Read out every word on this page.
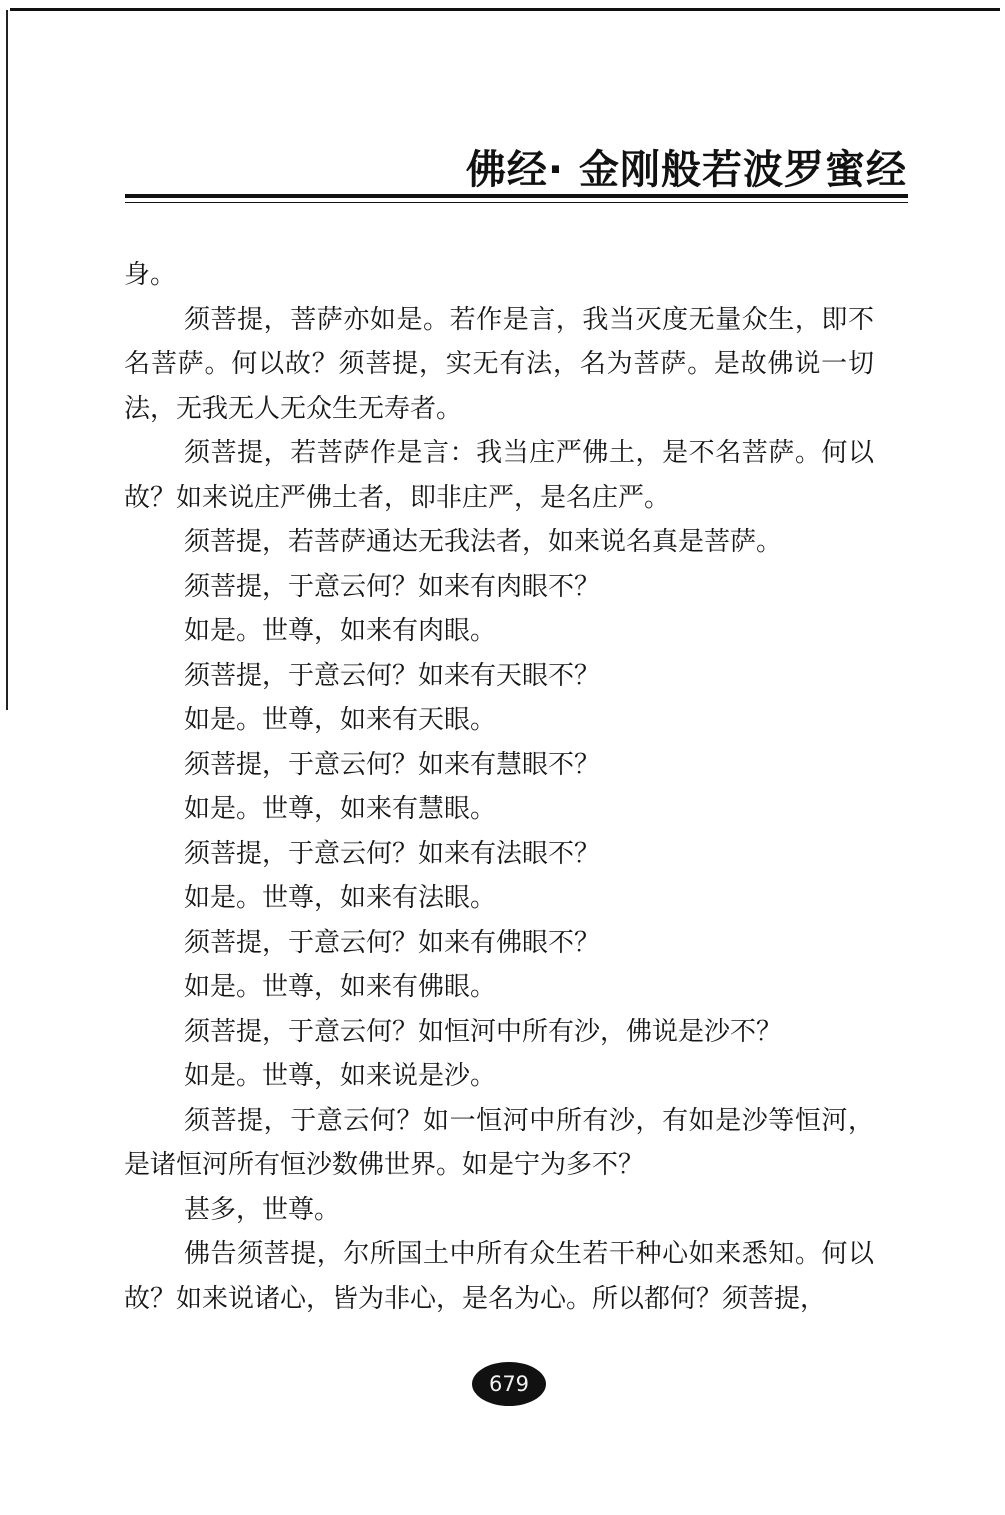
佛经· 金刚般若波罗蜜经

身。

须菩提，菩萨亦如是。若作是言，我当灭度无量众生，即不名菩萨。何以故？须菩提，实无有法，名为菩萨。是故佛说一切法，无我无人无众生无寿者。

须菩提，若菩萨作是言：我当庄严佛土，是不名菩萨。何以故？如来说庄严佛土者，即非庄严，是名庄严。

须菩提，若菩萨通达无我法者，如来说名真是菩萨。

须菩提，于意云何？如来有肉眼不？

如是。世尊，如来有肉眼。

须菩提，于意云何？如来有天眼不？

如是。世尊，如来有天眼。

须菩提，于意云何？如来有慧眼不？

如是。世尊，如来有慧眼。

须菩提，于意云何？如来有法眼不？

如是。世尊，如来有法眼。

须菩提，于意云何？如来有佛眼不？

如是。世尊，如来有佛眼。

须菩提，于意云何？如恒河中所有沙，佛说是沙不？

如是。世尊，如来说是沙。

须菩提，于意云何？如一恒河中所有沙，有如是沙等恒河，是诸恒河所有恒沙数佛世界。如是宁为多不？

甚多，世尊。

佛告须菩提，尔所国土中所有众生若干种心如来悉知。何以故？如来说诸心，皆为非心，是名为心。所以都何？须菩提，

679
